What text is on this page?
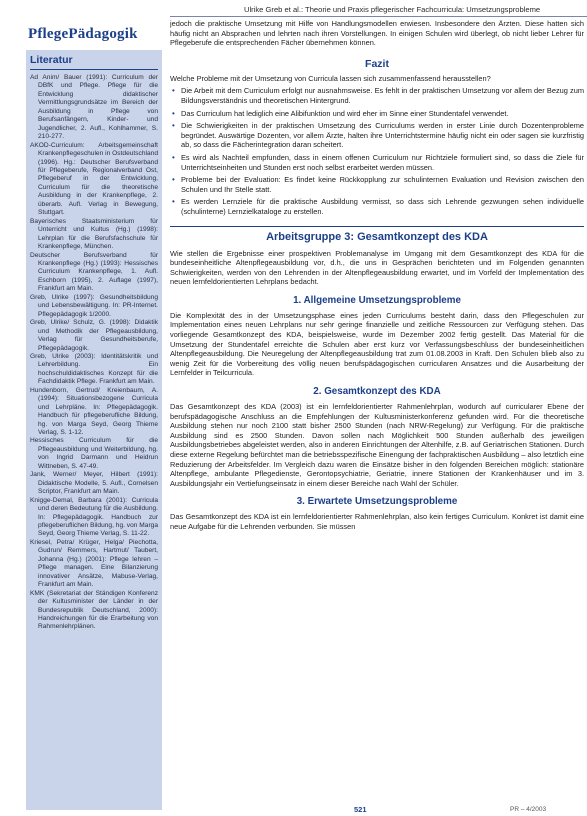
Ulrike Greb et al.: Theorie und Praxis pflegerischer Fachcurricula: Umsetzungsprobleme
PflegePädagogik
Literatur
Ad Anim/ Bauer (1991): Curriculum der DBfK und Pflege. Pflege für die Entwicklung didaktischer Vermittlungsgrundsätze im Bereich der Ausbildung in Pflege von Berufsanfängern, Kinder- und Jugendlicher, 2. Aufl., Kohlhammer, S. 210-277.
AKOD-Curriculum: Arbeitsgemeinschaft Krankenpflegeschulen in Ostdeutschland (1996). Hg.: Deutscher Berufsverband für Pflegeberufe, Regionalverband Ost, Pflegeberuf in der Entwicklung, Curriculum für die theoretische Ausbildung in der Krankenpflege, 2. überarb. Aufl. Verlag in Bewegung, Stuttgart.
Bayerisches Staatsministerium für Unterricht und Kultus (Hg.) (1998): Lehrplan für die Berufsfachschule für Krankenpflege, München.
Deutscher Berufsverband für Krankenpflege (Hg.) (1993): Hessisches Curriculum Krankenpflege, 1. Aufl. Eschborn (1995), 2. Auflage (1997), Frankfurt am Main.
Greb, Ulrike (1997): Gesundheitsbildung und Lebensbewältigung. In: PR-Internet. Pflegepädagogik 1/2000.
Greb, Ulrike/ Schulz, G. (1998): Didaktik und Methodik der Pflegeausbildung, Verlag für Gesundheitsberufe, Pflegepädagogik.
Greb, Ulrike (2003): Identitätskritik und Lehrerbildung. Ein hochschuldidaktisches Konzept für die Fachdidaktik Pflege. Frankfurt am Main.
Hundenborn, Gertrud/ Kreienbaum, A. (1994): Situationsbezogene Curricula und Lehrpläne. In: Pflegepädagogik. Handbuch für pflegeberufliche Bildung, hg. von Marga Seyd, Georg Thieme Verlag, S. 1-12.
Hessisches Curriculum für die Pflegeausbildung und Weiterbildung, hg. von Ingrid Darmann und Heidrun Wittneben, S. 47-49.
Jank, Werner/ Meyer, Hilbert (1991): Didaktische Modelle, 5. Aufl., Cornelsen Scriptor, Frankfurt am Main.
Knigge-Demal, Barbara (2001): Curricula und deren Bedeutung für die Ausbildung. In: Pflegepädagogik. Handbuch zur pflegeberuflichen Bildung, hg. von Marga Seyd, Georg Thieme Verlag, S. 11-22.
Kriesel, Petra/ Krüger, Helga/ Piechotta, Gudrun/ Remmers, Hartmut/ Taubert, Johanna (Hg.) (2001): Pflege lehren – Pflege managen. Eine Bilanzierung innovativer Ansätze, Mabuse-Verlag, Frankfurt am Main.
KMK (Sekretariat der Ständigen Konferenz der Kultusminister der Länder in der Bundesrepublik Deutschland, 2000): Handreichungen für die Erarbeitung von Rahmenlehrplänen.

jedoch die praktische Umsetzung mit Hilfe von Handlungsmodellen erwiesen. Insbesondere den Ärzten. Diese hatten sich häufig nicht an Absprachen und lehrten nach ihren Vorstellungen. In einigen Schulen wird überlegt, ob nicht lieber Lehrer für Pflegeberufe die entsprechenden Fächer übernehmen können.

Fazit

Welche Probleme mit der Umsetzung von Curricula lassen sich zusammenfassend herausstellen?

• Die Arbeit mit dem Curriculum erfolgt nur ausnahmsweise. Es fehlt in der praktischen Umsetzung vor allem der Bezug zum Bildungsverständnis und theoretischen Hintergrund.
• Das Curriculum hat lediglich eine Alibifunktion und wird eher im Sinne einer Stundentafel verwendet.
• Die Schwierigkeiten in der praktischen Umsetzung des Curriculums werden in erster Linie durch Dozentenprobleme begründet. Auswärtige Dozenten, vor allem Ärzte, halten ihre Unterrichtstermine häufig nicht ein oder sagen sie kurzfristig ab, so dass die Fächerintegration daran scheitert.
• Es wird als Nachteil empfunden, dass in einem offenen Curriculum nur Richtziele formuliert sind, so dass die Ziele für Unterrichtseinheiten und Stunden erst noch selbst erarbeitet werden müssen.
• Probleme bei der Evaluation: Es findet keine Rückkopplung zur schulinternen Evaluation und Revision zwischen den Schulen und Ihr Stelle statt.
• Es werden Lernziele für die praktische Ausbildung vermisst, so dass sich Lehrende gezwungen sehen individuelle (schulinterne) Lernzielkataloge zu erstellen.
Arbeitsgruppe 3: Gesamtkonzept des KDA

Wie stellen die Ergebnisse einer prospektiven Problemanalyse im Umgang mit dem Gesamtkonzept des KDA für die bundeseinheitliche Altenpflegeausbildung vor, d.h., die uns in Gesprächen berichteten und im Folgenden genannten Schwierigkeiten, werden von den Lehrenden in der Altenpflegeausbildung erwartet, und im Vorfeld der Implementation des neuen lernfeldorientierten Lehrplans bedacht.

1. Allgemeine Umsetzungsprobleme

Die Komplexität des in der Umsetzungsphase eines jeden Curriculums besteht darin, dass den Pflegeschulen zur Implementation eines neuen Lehrplans nur sehr geringe finanzielle und zeitliche Ressourcen zur Verfügung stehen. Das vorliegende Gesamtkonzept des KDA, beispielsweise, wurde im Dezember 2002 fertig gestellt. Das Material für die Umsetzung der Stundentafel erreichte die Schulen aber erst kurz vor Verfassungsbeschluss der bundeseinheitlichen Altenpflegeausbildung. Die Neuregelung der Altenpflegeausbildung trat zum 01.08.2003 in Kraft. Den Schulen blieb also zu wenig Zeit für die Vorbereitung des völlig neuen berufspädagogischen curricularen Ansatzes und die Ausarbeitung der Lernfelder in Teilcurricula.

2. Gesamtkonzept des KDA

Das Gesamtkonzept des KDA (2003) ist ein lernfeldorientierter Rahmenlehrplan, wodurch auf curricularer Ebene der berufspädagogische Anschluss an die Empfehlungen der Kultusministerkonferenz gefunden wird. Für die theoretische Ausbildung stehen nur noch 2100 statt bisher 2500 Stunden (nach NRW-Regelung) zur Verfügung. Für die praktische Ausbildung sind es 2500 Stunden. Davon sollen nach Möglichkeit 500 Stunden außerhalb des jeweiligen Ausbildungsbetriebes abgeleistet werden, also in anderen Einrichtungen der Altenhilfe, z.B. auf Geriatrischen Stationen. Durch diese externe Regelung befürchtet man die betriebsspezifische Einengung der fachpraktischen Ausbildung – also letztlich eine Reduzierung der Arbeitsfelder. Im Vergleich dazu waren die Einsätze bisher in den folgenden Bereichen möglich: stationäre Altenpflege, ambulante Pflegedienste, Gerontopsychiatrie, Geriatrie, innere Stationen der Krankenhäuser und im 3. Ausbildungsjahr ein Vertiefungseinsatz in einem dieser Bereiche nach Wahl der Schüler.

3. Erwartete Umsetzungsprobleme

Das Gesamtkonzept des KDA ist ein lernfeldorientierter Rahmenlehrplan, also kein fertiges Curriculum. Konkret ist damit eine neue Aufgabe für die Lehrenden verbunden. Sie müssen

521	PR – 4/2003
